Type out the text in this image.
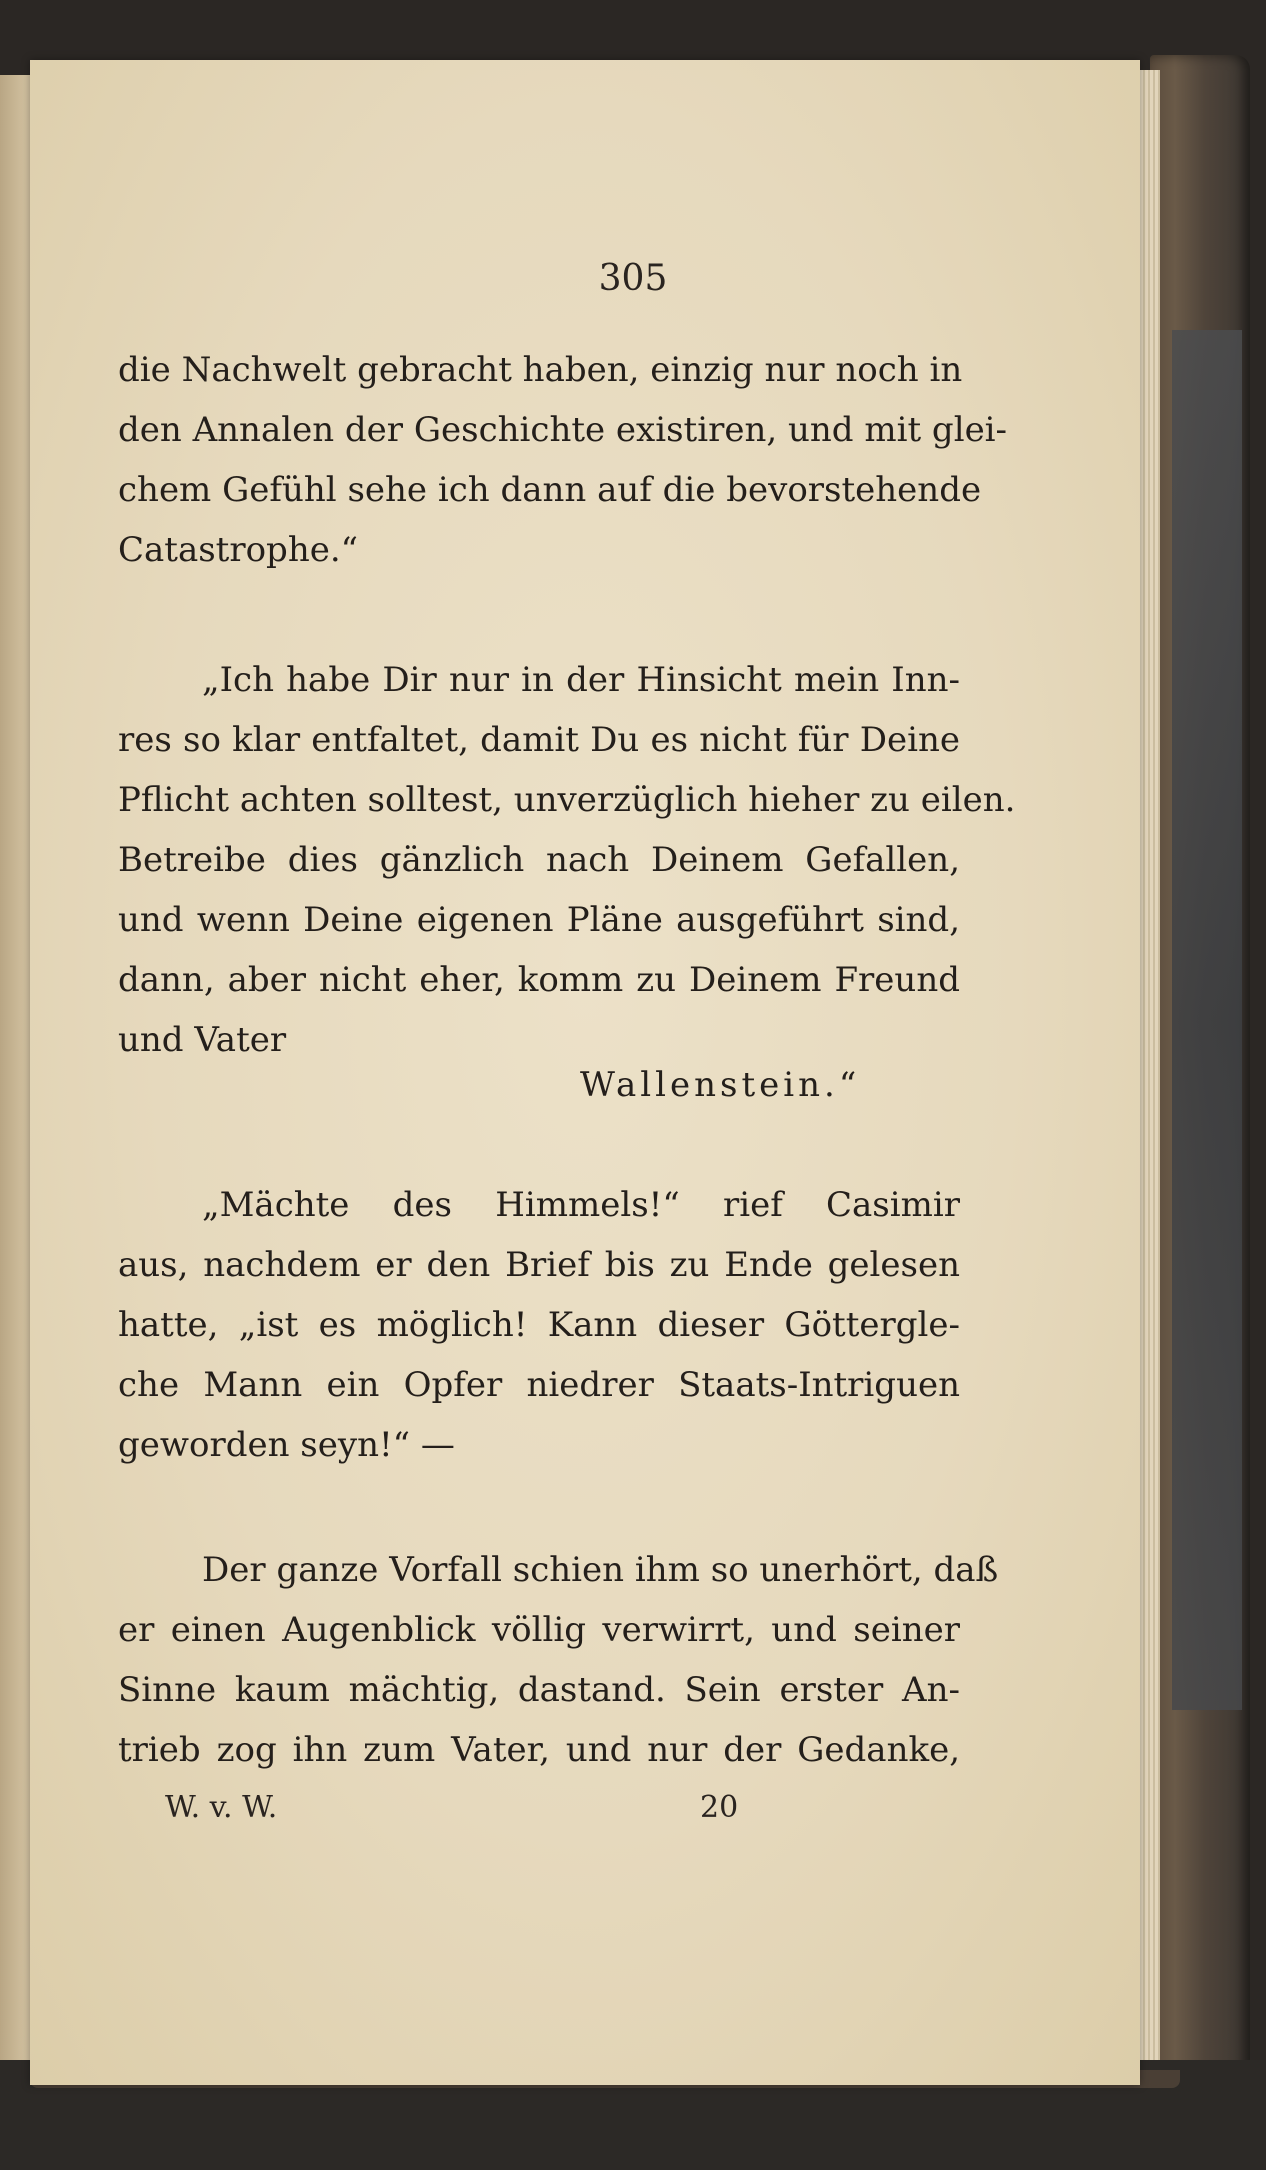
305
die Nachwelt gebracht haben, einzig nur noch in
den Annalen der Geschichte existiren, und mit glei-
chem Gefühl sehe ich dann auf die bevorstehende
Catastrophe.“
„Ich habe Dir nur in der Hinsicht mein Inn-
res so klar entfaltet, damit Du es nicht für Deine
Pflicht achten solltest, unverzüglich hieher zu eilen.
Betreibe dies gänzlich nach Deinem Gefallen,
und wenn Deine eigenen Pläne ausgeführt sind,
dann, aber nicht eher, komm zu Deinem Freund
und Vater
Wallenstein.“
„Mächte des Himmels!“ rief Casimir
aus, nachdem er den Brief bis zu Ende gelesen
hatte, „ist es möglich! Kann dieser Göttergle-
che Mann ein Opfer niedrer Staats-Intriguen
geworden seyn!“ —
Der ganze Vorfall schien ihm so unerhört, daß
er einen Augenblick völlig verwirrt, und seiner
Sinne kaum mächtig, dastand. Sein erster An-
trieb zog ihn zum Vater, und nur der Gedanke,
W. v. W.	20
